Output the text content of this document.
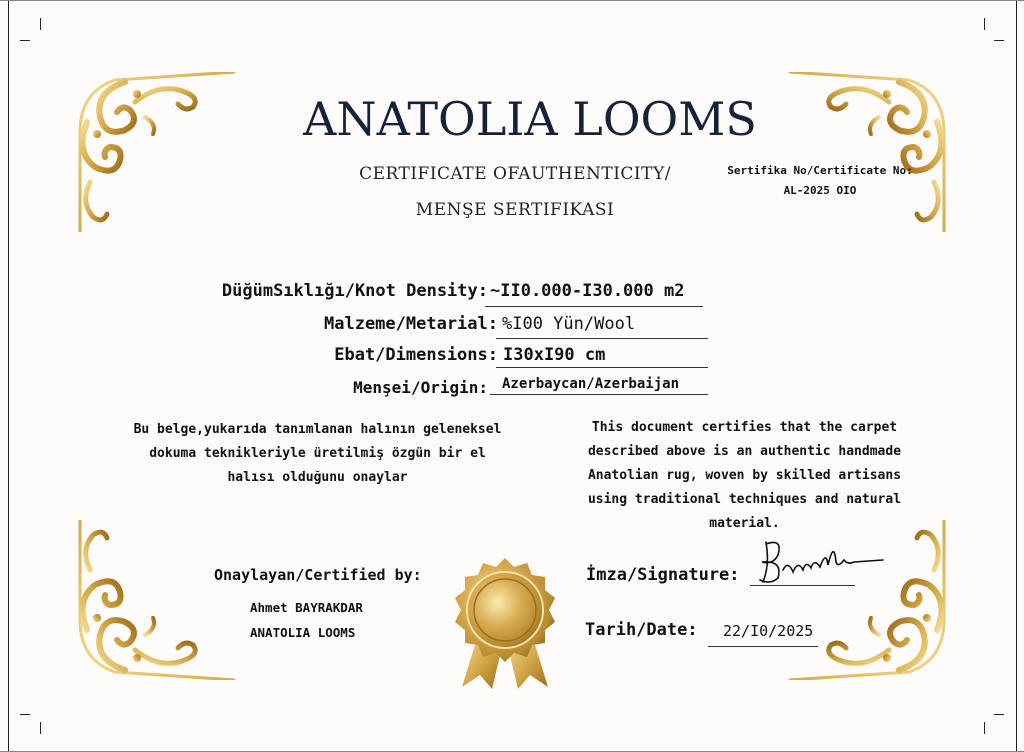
ANATOLIA LOOMS
CERTIFICATE OFAUTHENTICITY/
MENŞE SERTIFIKASI
Sertifika No/Certificate No:
AL-2025 OIO
DüğümSıklığı/Knot Density: ~II0.000-I30.000 m2
Malzeme/Metarial: %I00 Yün/Wool
Ebat/Dimensions: I30xI90 cm
Menşei/Origin: Azerbaycan/Azerbaijan
Bu belge,yukarıda tanımlanan halının geleneksel
dokuma teknikleriyle üretilmiş özgün bir el
halısı olduğunu onaylar
This document certifies that the carpet
described above is an authentic handmade
Anatolian rug, woven by skilled artisans
using traditional techniques and natural
material.
Onaylayan/Certified by:
Ahmet BAYRAKDAR
ANATOLIA LOOMS
İmza/Signature:
Tarih/Date: 22/I0/2025
